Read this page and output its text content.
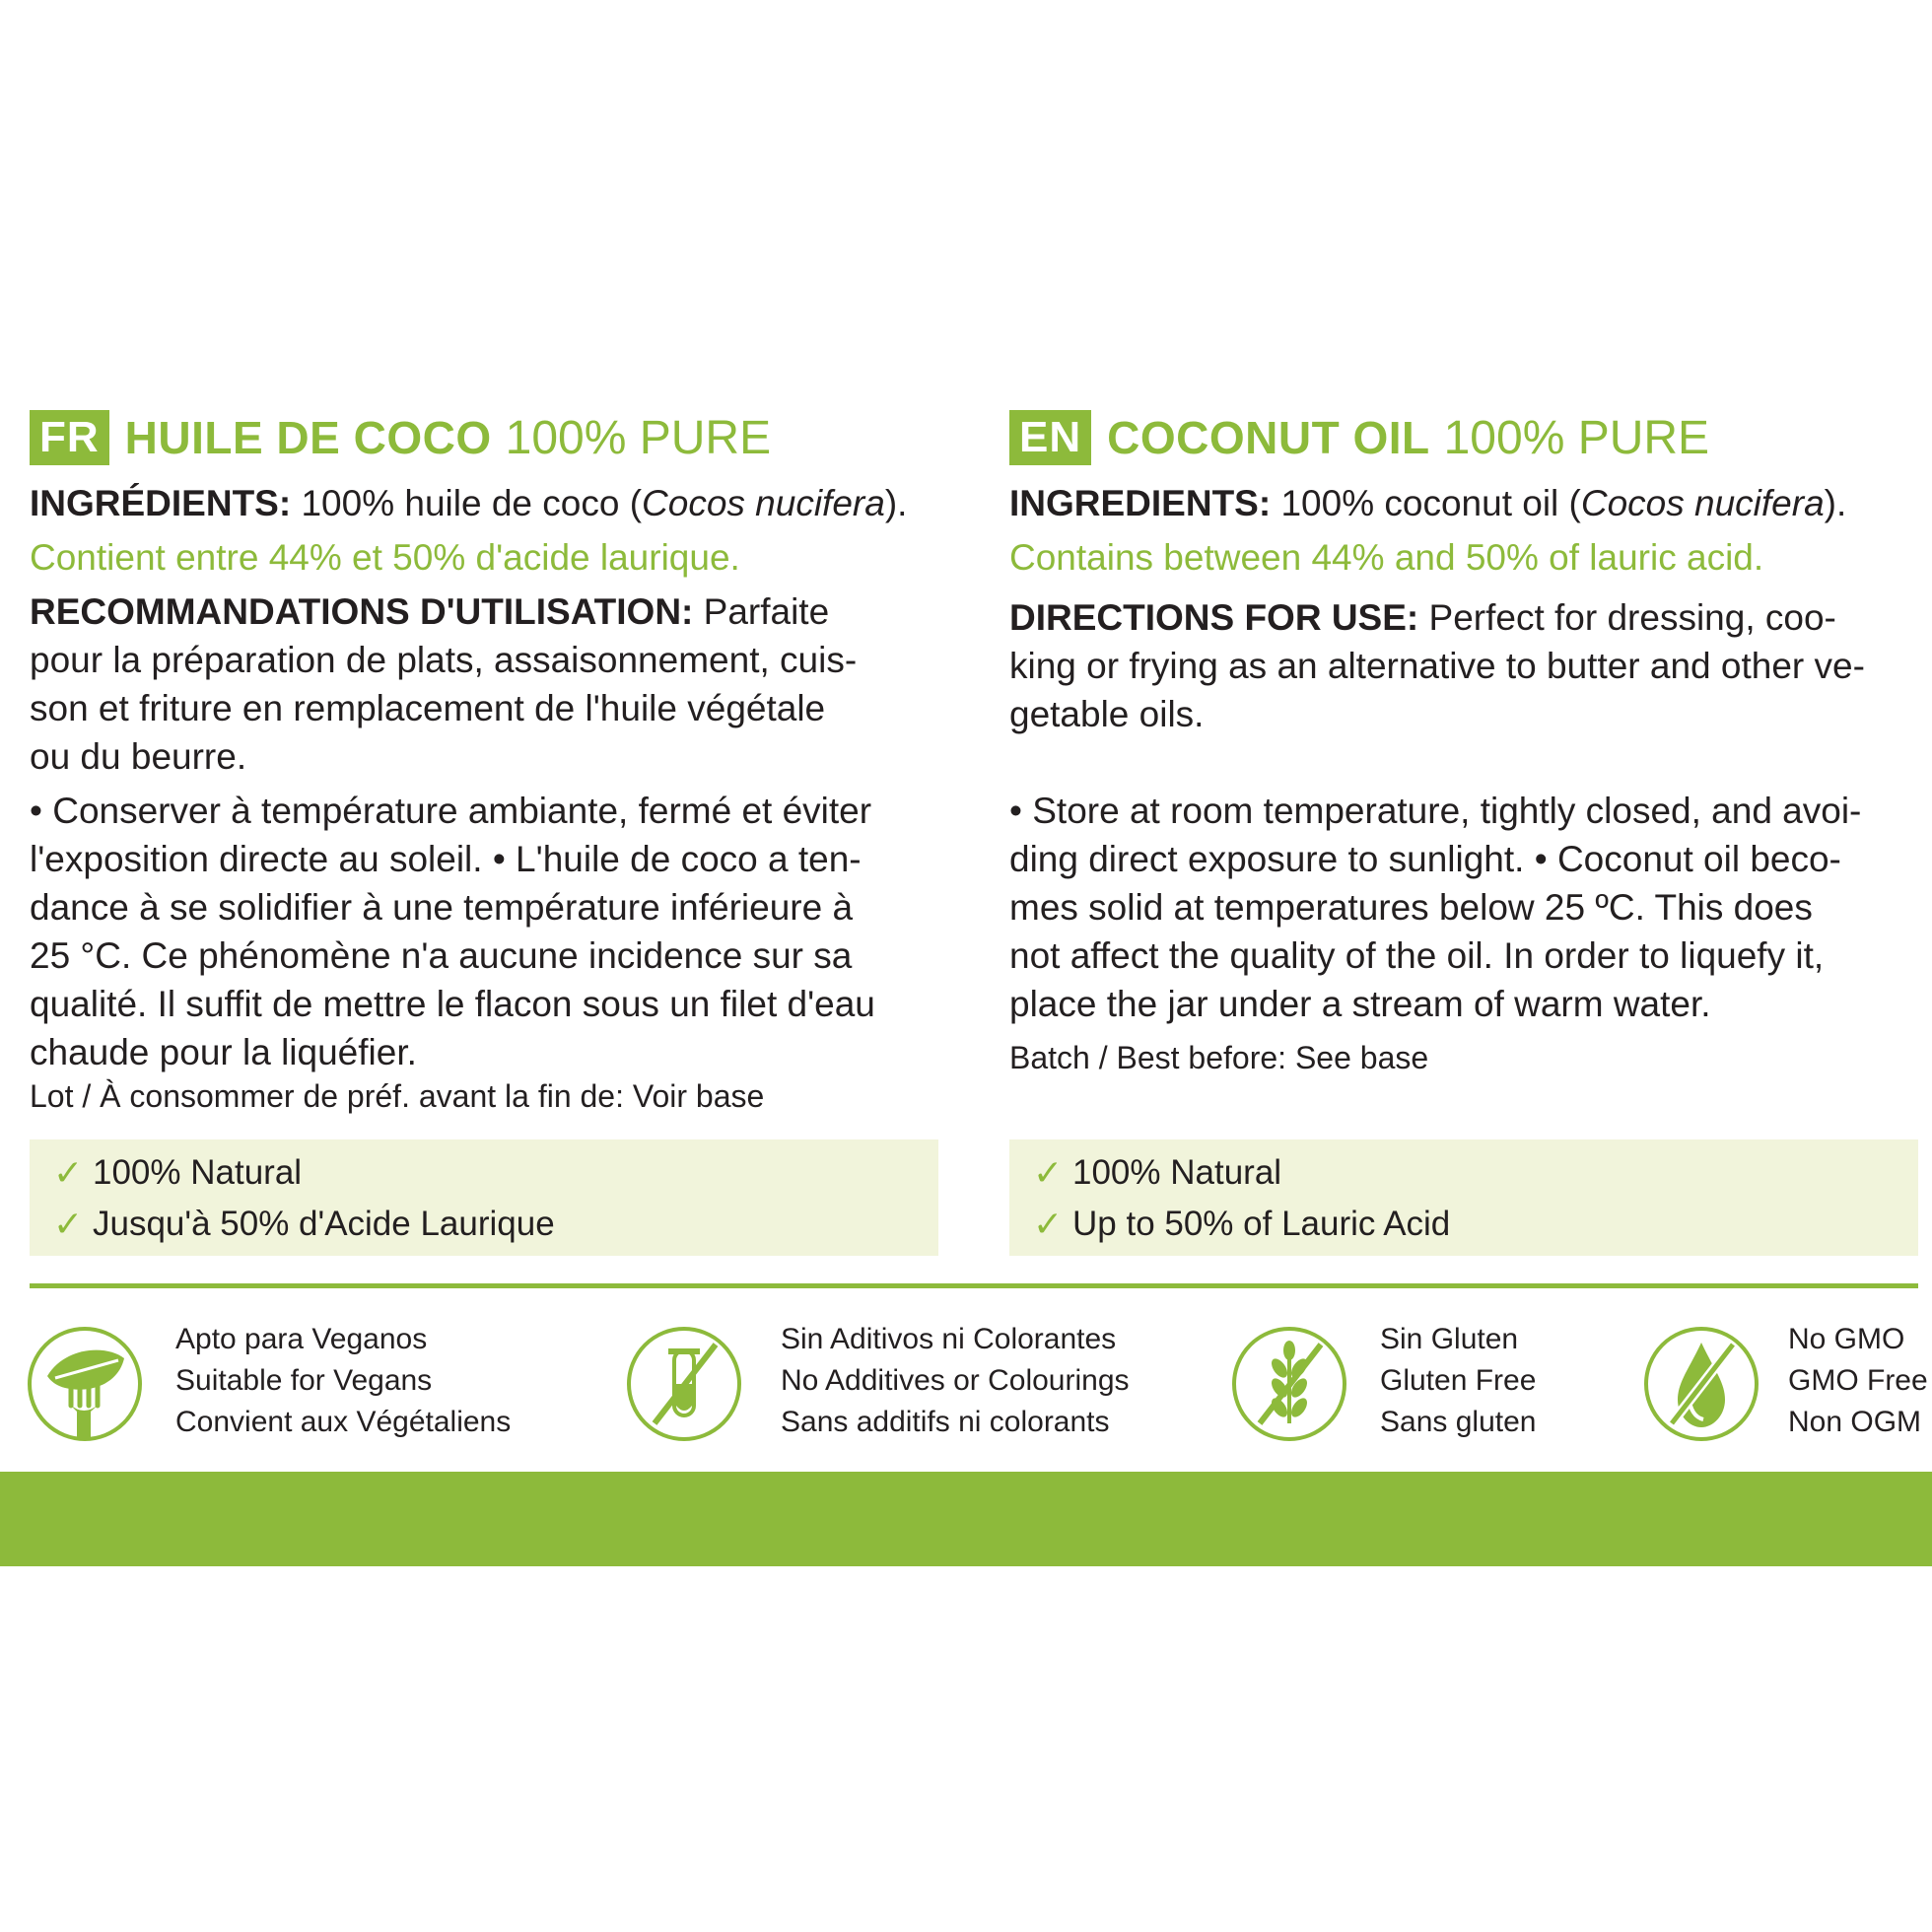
FR HUILE DE COCO 100% PURE

INGRÉDIENTS: 100% huile de coco (Cocos nucifera).

Contient entre 44% et 50% d'acide laurique.

RECOMMANDATIONS D'UTILISATION: Parfaite

pour la préparation de plats, assaisonnement, cuis-

son et friture en remplacement de l'huile végétale

ou du beurre.

• Conserver à température ambiante, fermé et éviter

l'exposition directe au soleil. • L'huile de coco a ten-

dance à se solidifier à une température inférieure à

25 °C. Ce phénomène n'a aucune incidence sur sa

qualité. Il suffit de mettre le flacon sous un filet d'eau

chaude pour la liquéfier.

Lot / À consommer de préf. avant la fin de: Voir base
✓ 100% Natural
✓ Jusqu'à 50% d'Acide Laurique
EN COCONUT OIL 100% PURE

INGREDIENTS: 100% coconut oil (Cocos nucifera).

Contains between 44% and 50% of lauric acid.

DIRECTIONS FOR USE: Perfect for dressing, coo-

king or frying as an alternative to butter and other ve-

getable oils.

• Store at room temperature, tightly closed, and avoi-

ding direct exposure to sunlight. • Coconut oil beco-

mes solid at temperatures below 25 ºC. This does

not affect the quality of the oil. In order to liquefy it,

place the jar under a stream of warm water.

Batch / Best before: See base
✓ 100% Natural
✓ Up to 50% of Lauric Acid
Apto para Veganos
Suitable for Vegans
Convient aux Végétaliens
Sin Aditivos ni Colorantes
No Additives or Colourings
Sans additifs ni colorants
Sin Gluten
Gluten Free
Sans gluten
No GMO
GMO Free
Non OGM
